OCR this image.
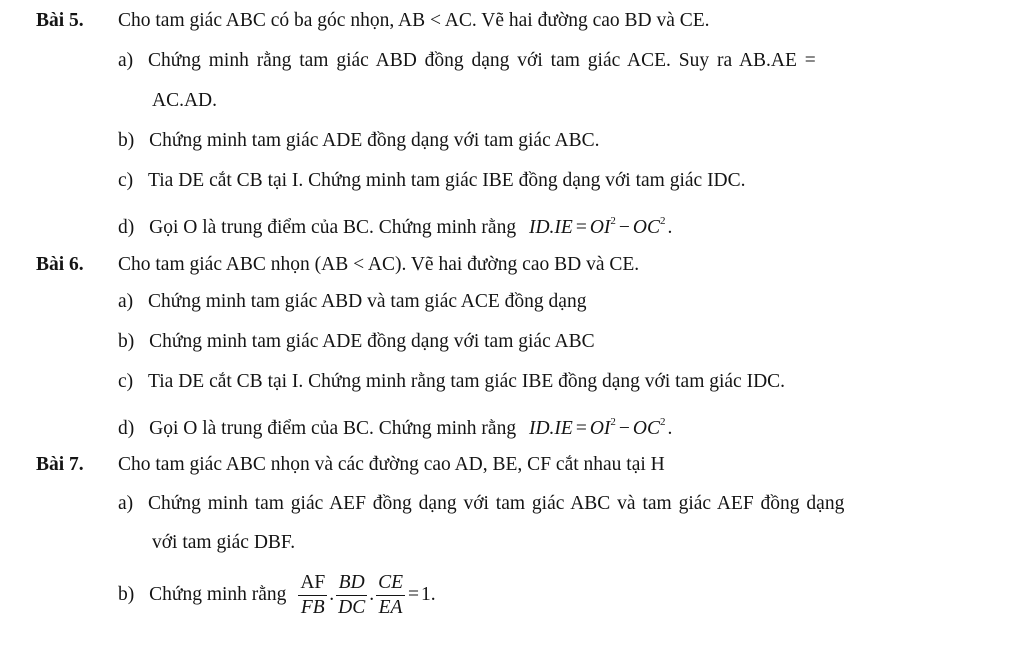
Bài 5. Cho tam giác ABC có ba góc nhọn, AB < AC. Vẽ hai đường cao BD và CE.
a) Chứng minh rằng tam giác ABD đồng dạng với tam giác ACE. Suy ra AB.AE =
AC.AD.
b) Chứng minh tam giác ADE đồng dạng với tam giác ABC.
c) Tia DE cắt CB tại I. Chứng minh tam giác IBE đồng dạng với tam giác IDC.
d) Gọi O là trung điểm của BC. Chứng minh rằng $ID.IE = OI^2 - OC^2$ .
Bài 6. Cho tam giác ABC nhọn (AB < AC). Vẽ hai đường cao BD và CE.
a) Chứng minh tam giác ABD và tam giác ACE đồng dạng
b) Chứng minh tam giác ADE đồng dạng với tam giác ABC
c) Tia DE cắt CB tại I. Chứng minh rằng tam giác IBE đồng dạng với tam giác IDC.
d) Gọi O là trung điểm của BC. Chứng minh rằng $ID.IE = OI^2 - OC^2$ .
Bài 7. Cho tam giác ABC nhọn và các đường cao AD, BE, CF cắt nhau tại H
a) Chứng minh tam giác AEF đồng dạng với tam giác ABC và tam giác AEF đồng dạng
với tam giác DBF.
b) Chứng minh rằng $\frac{AF}{FB}$ . $\frac{BD}{DC}$ . $\frac{CE}{EA} = 1$.
